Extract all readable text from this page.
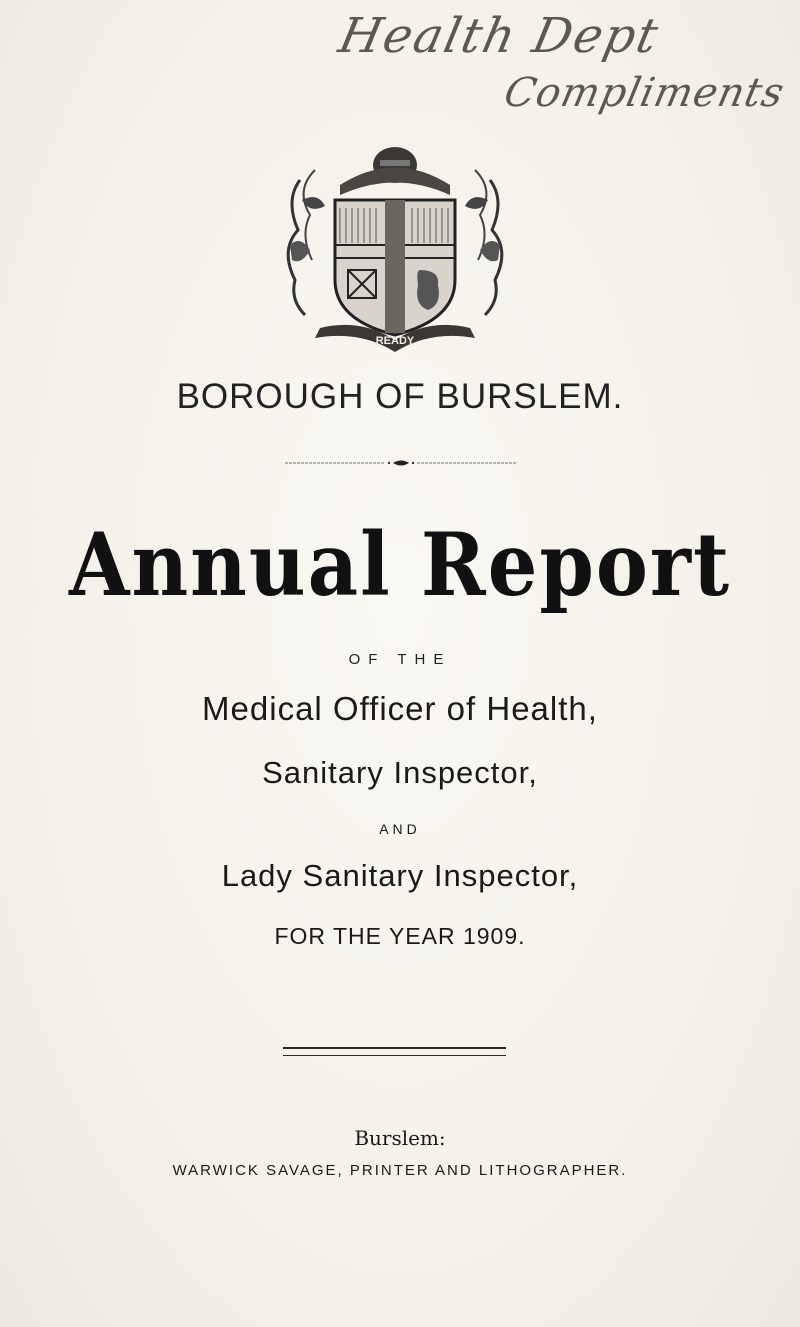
Health Dept
Compliments
READY
BOROUGH OF BURSLEM.
Annual Report
OF THE
Medical Officer of Health,
Sanitary Inspector,
AND
Lady Sanitary Inspector,
FOR THE YEAR 1909.
Burslem:
WARWICK SAVAGE, PRINTER AND LITHOGRAPHER.
